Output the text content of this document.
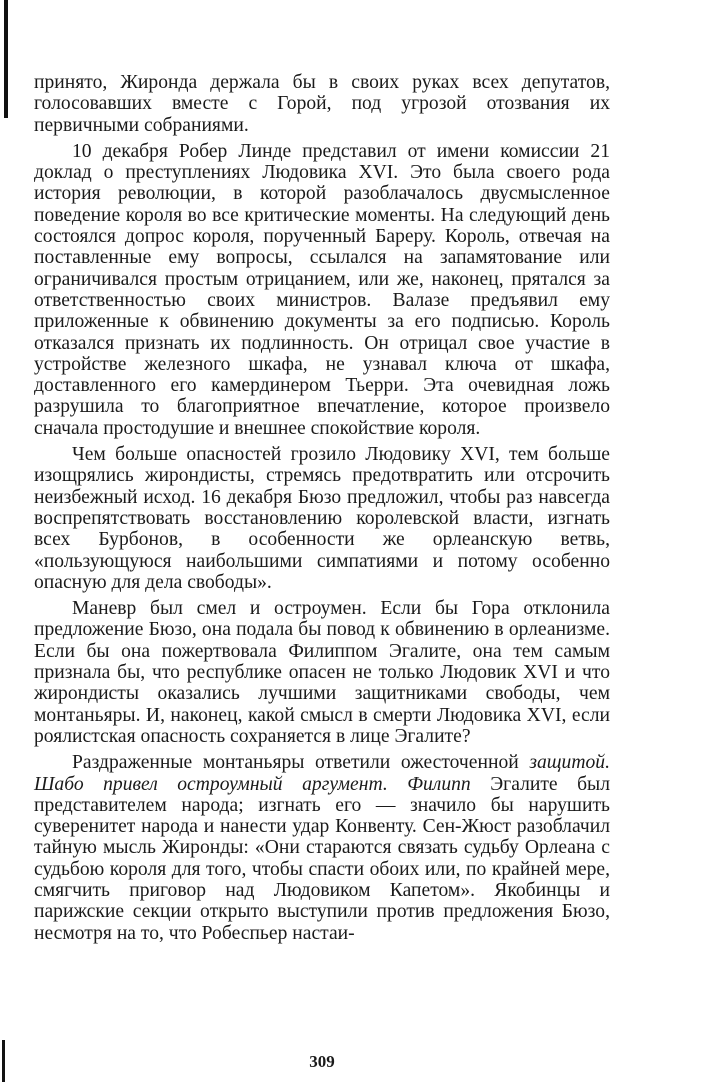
принято, Жиронда держала бы в своих руках всех депутатов, голосовавших вместе с Горой, под угрозой отозвания их первичными собраниями.

10 декабря Робер Линде представил от имени комиссии 21 доклад о преступлениях Людовика XVI. Это была своего рода история революции, в которой разоблачалось двусмысленное поведение короля во все критические моменты. На следующий день состоялся допрос короля, порученный Бареру. Король, отвечая на поставленные ему вопросы, ссылался на запамятование или ограничивался простым отрицанием, или же, наконец, прятался за ответственностью своих министров. Валазе предъявил ему приложенные к обвинению документы за его подписью. Король отказался признать их подлинность. Он отрицал свое участие в устройстве железного шкафа, не узнавал ключа от шкафа, доставленного его камердинером Тьерри. Эта очевидная ложь разрушила то благоприятное впечатление, которое произвело сначала простодушие и внешнее спокойствие короля.

Чем больше опасностей грозило Людовику XVI, тем больше изощрялись жирондисты, стремясь предотвратить или отсрочить неизбежный исход. 16 декабря Бюзо предложил, чтобы раз навсегда воспрепятствовать восстановлению королевской власти, изгнать всех Бурбонов, в особенности же орлеанскую ветвь, «пользующуюся наибольшими симпатиями и потому особенно опасную для дела свободы».

Маневр был смел и остроумен. Если бы Гора отклонила предложение Бюзо, она подала бы повод к обвинению в орлеанизме. Если бы она пожертвовала Филиппом Эгалите, она тем самым признала бы, что республике опасен не только Людовик XVI и что жирондисты оказались лучшими защитниками свободы, чем монтаньяры. И, наконец, какой смысл в смерти Людовика XVI, если роялистская опасность сохраняется в лице Эгалите?

Раздраженные монтаньяры ответили ожесточенной защитой. Шабо привел остроумный аргумент. Филипп Эгалите был представителем народа; изгнать его — значило бы нарушить суверенитет народа и нанести удар Конвенту. Сен-Жюст разоблачил тайную мысль Жиронды: «Они стараются связать судьбу Орлеана с судьбою короля для того, чтобы спасти обоих или, по крайней мере, смягчить приговор над Людовиком Капетом». Якобинцы и парижские секции открыто выступили против предложения Бюзо, несмотря на то, что Робеспьер настаи-

309
